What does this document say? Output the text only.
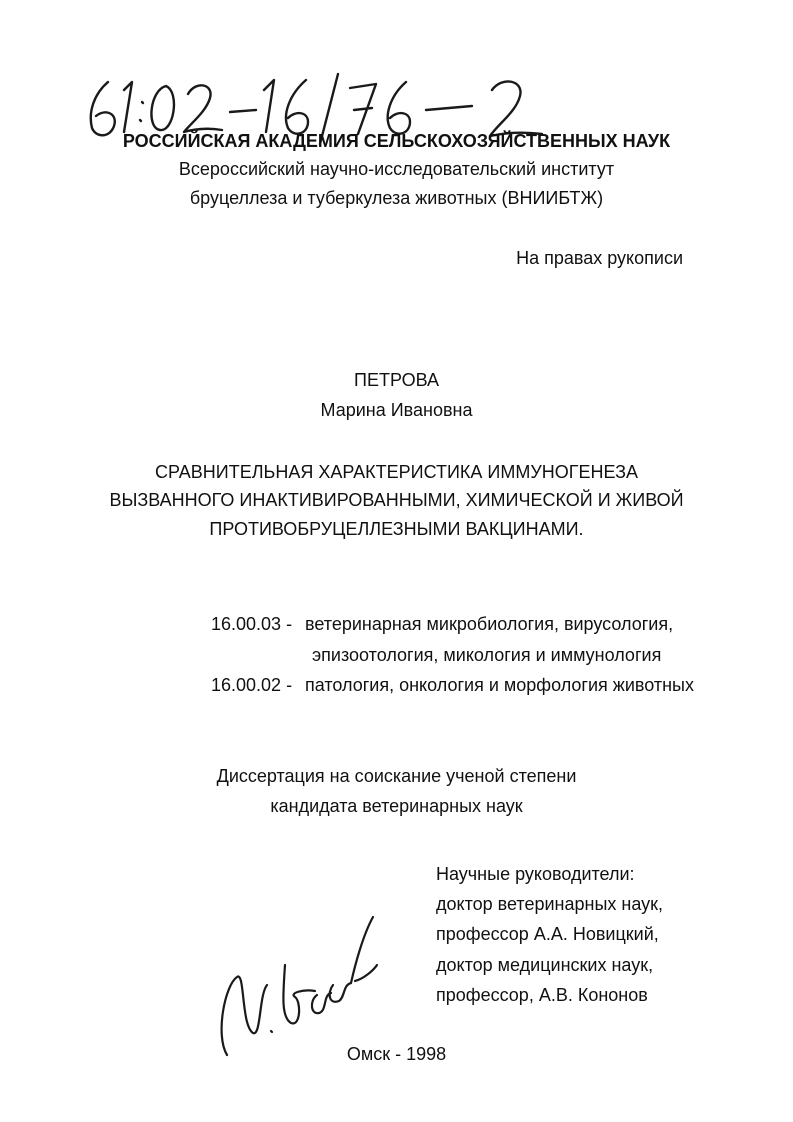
РОССИЙСКАЯ АКАДЕМИЯ СЕЛЬСКОХОЗЯЙСТВЕННЫХ НАУК
Всероссийский научно-исследовательский институт
бруцеллеза и туберкулеза животных (ВНИИБТЖ)
На правах рукописи
ПЕТРОВА
Марина Ивановна
СРАВНИТЕЛЬНАЯ ХАРАКТЕРИСТИКА ИММУНОГЕНЕЗА
ВЫЗВАННОГО ИНАКТИВИРОВАННЫМИ, ХИМИЧЕСКОЙ И ЖИВОЙ
ПРОТИВОБРУЦЕЛЛЕЗНЫМИ ВАКЦИНАМИ.
16.00.03 - ветеринарная микробиология, вирусология,
эпизоотология, микология и иммунология
16.00.02 - патология, онкология и морфология животных
Диссертация на соискание ученой степени
кандидата ветеринарных наук
Научные руководители:
доктор ветеринарных наук,
профессор А.А. Новицкий,
доктор медицинских наук,
профессор, А.В. Кононов
Омск - 1998
